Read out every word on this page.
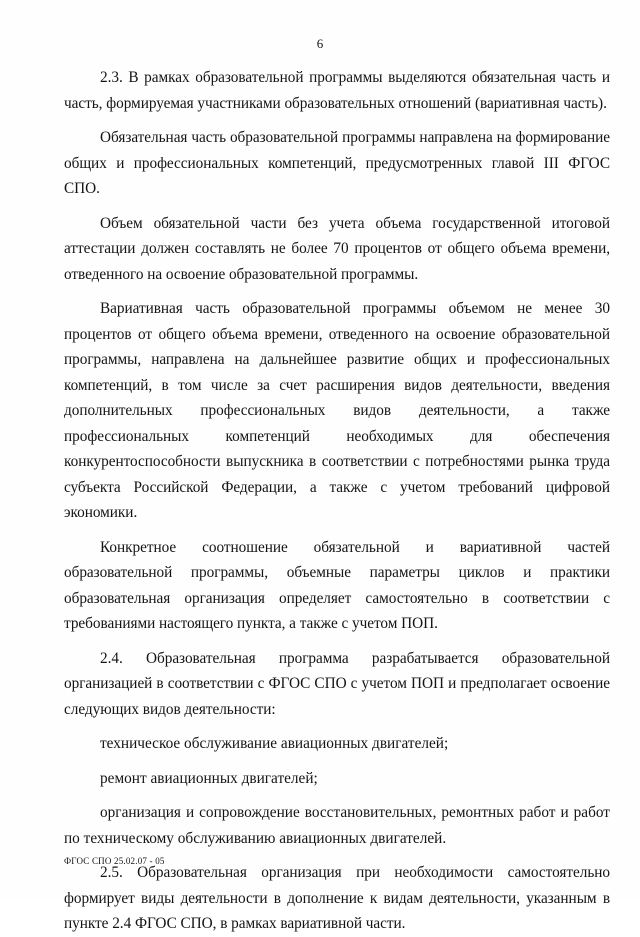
6

2.3. В рамках образовательной программы выделяются обязательная часть и часть, формируемая участниками образовательных отношений (вариативная часть).

Обязательная часть образовательной программы направлена на формирование общих и профессиональных компетенций, предусмотренных главой III ФГОС СПО.

Объем обязательной части без учета объема государственной итоговой аттестации должен составлять не более 70 процентов от общего объема времени, отведенного на освоение образовательной программы.

Вариативная часть образовательной программы объемом не менее 30 процентов от общего объема времени, отведенного на освоение образовательной программы, направлена на дальнейшее развитие общих и профессиональных компетенций, в том числе за счет расширения видов деятельности, введения дополнительных профессиональных видов деятельности, а также профессиональных компетенций необходимых для обеспечения конкурентоспособности выпускника в соответствии с потребностями рынка труда субъекта Российской Федерации, а также с учетом требований цифровой экономики.

Конкретное соотношение обязательной и вариативной частей образовательной программы, объемные параметры циклов и практики образовательная организация определяет самостоятельно в соответствии с требованиями настоящего пункта, а также с учетом ПОП.

2.4. Образовательная программа разрабатывается образовательной организацией в соответствии с ФГОС СПО с учетом ПОП и предполагает освоение следующих видов деятельности:

техническое обслуживание авиационных двигателей;

ремонт авиационных двигателей;

организация и сопровождение восстановительных, ремонтных работ и работ по техническому обслуживанию авиационных двигателей.

2.5. Образовательная организация при необходимости самостоятельно формирует виды деятельности в дополнение к видам деятельности, указанным в пункте 2.4 ФГОС СПО, в рамках вариативной части.

ФГОС СПО 25.02.07 - 05
